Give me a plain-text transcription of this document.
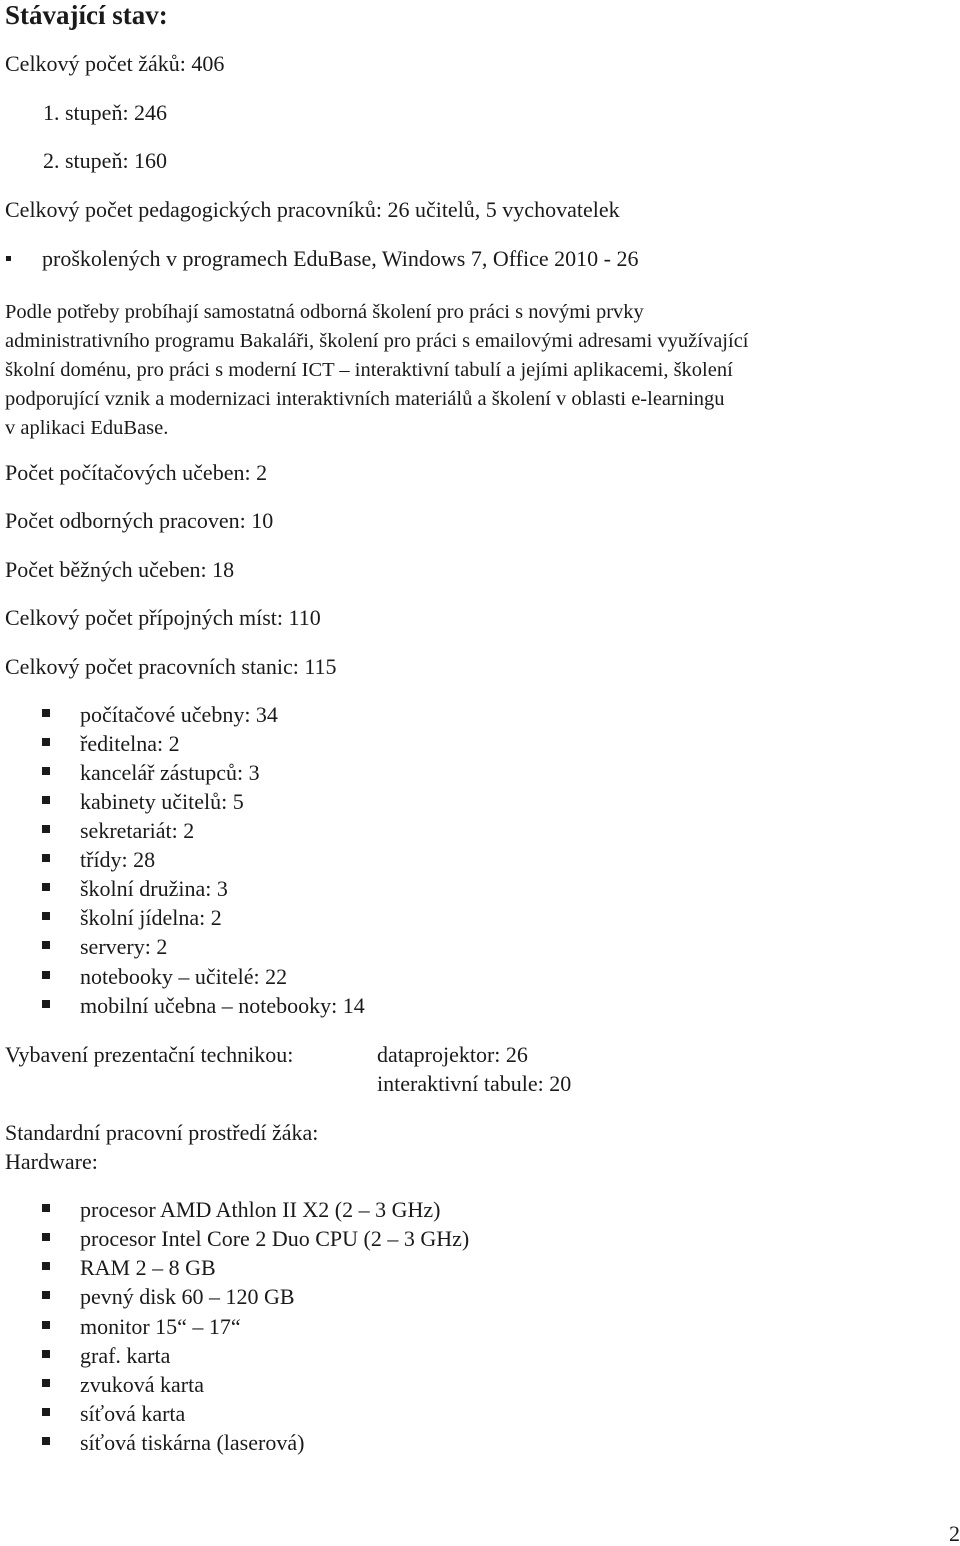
Stávající stav:
Celkový počet žáků: 406
1. stupeň: 246
2. stupeň: 160
Celkový počet pedagogických pracovníků: 26 učitelů, 5 vychovatelek
proškolených v programech EduBase, Windows 7, Office 2010 - 26
Podle potřeby probíhají samostatná odborná školení pro práci s novými prvky
administrativního programu Bakaláři, školení pro práci s emailovými adresami využívající
školní doménu, pro práci s moderní ICT – interaktivní tabulí a jejími aplikacemi, školení
podporující vznik a modernizaci interaktivních materiálů a školení v oblasti e-learningu
v aplikaci EduBase.
Počet počítačových učeben: 2
Počet odborných pracoven: 10
Počet běžných učeben: 18
Celkový počet přípojných míst: 110
Celkový počet pracovních stanic: 115
počítačové učebny: 34
ředitelna: 2
kancelář zástupců: 3
kabinety učitelů: 5
sekretariát: 2
třídy: 28
školní družina: 3
školní jídelna: 2
servery: 2
notebooky – učitelé: 22
mobilní učebna – notebooky: 14
Vybavení prezentační technikou:	dataprojektor: 26
interaktivní tabule: 20
Standardní pracovní prostředí žáka:
Hardware:
procesor AMD Athlon II X2 (2 – 3 GHz)
procesor Intel Core 2 Duo CPU (2 – 3 GHz)
RAM 2 – 8 GB
pevný disk 60 – 120 GB
monitor 15“ – 17“
graf. karta
zvuková karta
síťová karta
síťová tiskárna (laserová)
2
